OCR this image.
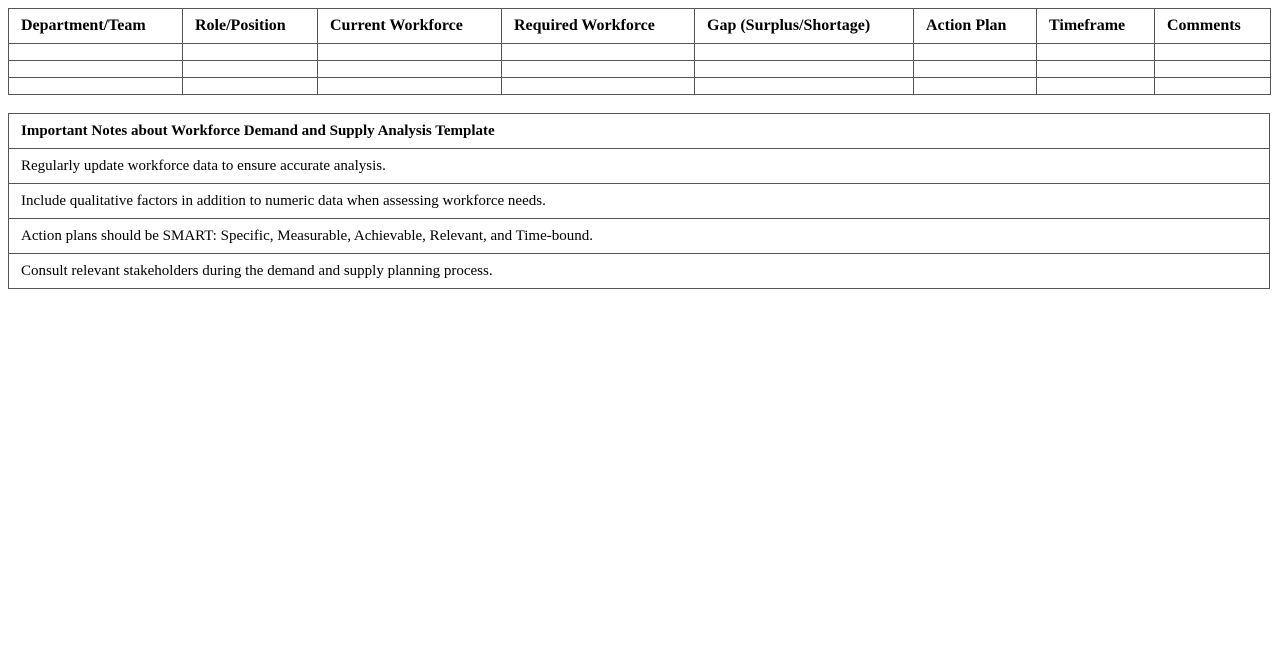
Department/Team	Role/Position	Current Workforce	Required Workforce	Gap (Surplus/Shortage)	Action Plan	Timeframe	Comments

Important Notes about Workforce Demand and Supply Analysis Template
Regularly update workforce data to ensure accurate analysis.
Include qualitative factors in addition to numeric data when assessing workforce needs.
Action plans should be SMART: Specific, Measurable, Achievable, Relevant, and Time-bound.
Consult relevant stakeholders during the demand and supply planning process.
